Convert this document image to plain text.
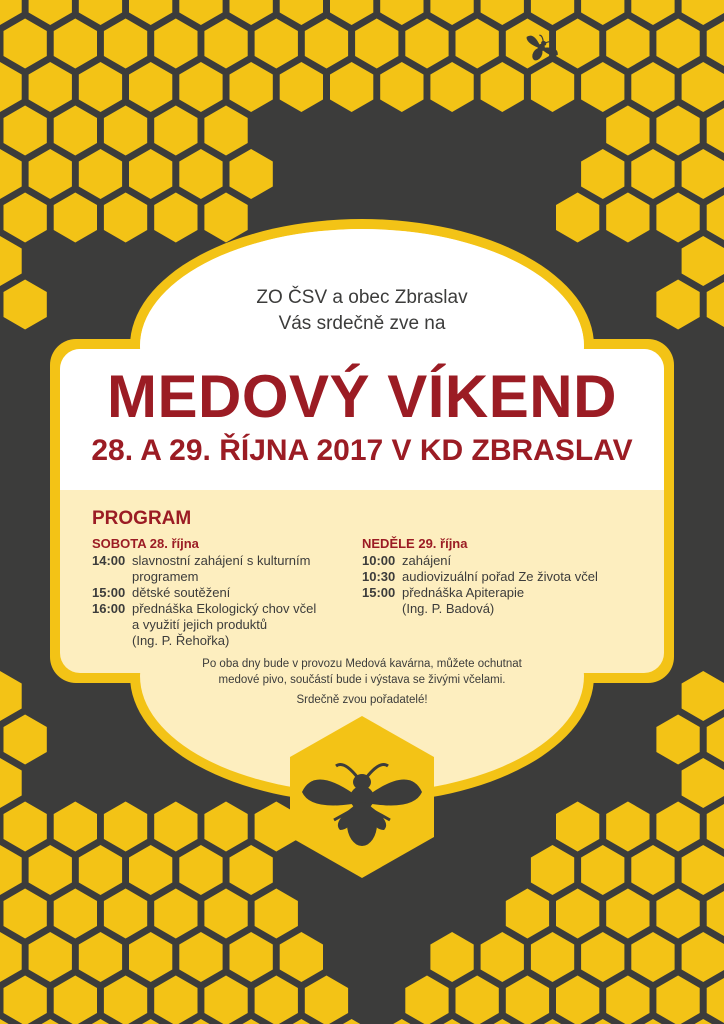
ZO ČSV a obec Zbraslav
Vás srdečně zve na
MEDOVÝ VÍKEND
28. A 29. ŘÍJNA 2017 V KD ZBRASLAV
PROGRAM
SOBOTA 28. října
14:00 slavnostní zahájení s kulturním
programem
15:00 dětské soutěžení
16:00 přednáška Ekologický chov včel
a využití jejich produktů
(Ing. P. Řehořka)
NEDĚLE 29. října
10:00 zahájení
10:30 audiovizuální pořad Ze života včel
15:00 přednáška Apiterapie
(Ing. P. Badová)
Po oba dny bude v provozu Medová kavárna, můžete ochutnat
medové pivo, součástí bude i výstava se živými včelami.
Srdečně zvou pořadatelé!
